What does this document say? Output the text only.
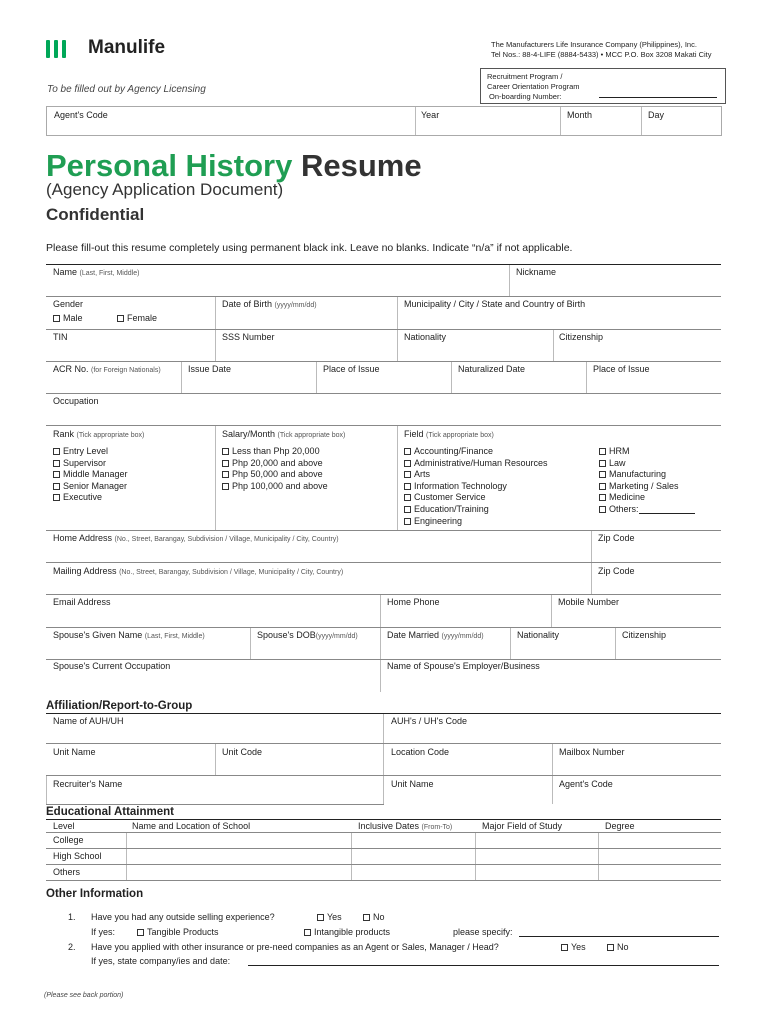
Manulife	The Manufacturers Life Insurance Company (Philippines), Inc.
Tel Nos.: 88-4-LIFE (8884-5433) • MCC P.O. Box 3208 Makati City
To be filled out by Agency Licensing
Recruitment Program /
Career Orientation Program
On-boarding Number:
Agent's Code	Year	Month	Day
Personal History Resume
(Agency Application Document)
Confidential
Please fill-out this resume completely using permanent black ink. Leave no blanks. Indicate “n/a” if not applicable.
Name (Last, First, Middle)	Nickname
Gender
Male	Female
Date of Birth (yyyy/mm/dd)	Municipality / City / State and Country of Birth
TIN	SSS Number	Nationality	Citizenship
ACR No. (for Foreign Nationals)	Issue Date	Place of Issue	Naturalized Date	Place of Issue
Occupation
Rank (Tick appropriate box)
Entry Level
Supervisor
Middle Manager
Senior Manager
Executive
Salary/Month (Tick appropriate box)
Less than Php 20,000
Php 20,000 and above
Php 50,000 and above
Php 100,000 and above
Field (Tick appropriate box)
Accounting/Finance
Administrative/Human Resources
Arts
Information Technology
Customer Service
Education/Training
Engineering
HRM
Law
Manufacturing
Marketing / Sales
Medicine
Others:
Home Address (No., Street, Barangay, Subdivision / Village, Municipality / City, Country)	Zip Code
Mailing Address (No., Street, Barangay, Subdivision / Village, Municipality / City, Country)	Zip Code
Email Address	Home Phone	Mobile Number
Spouse's Given Name (Last, First, Middle)	Spouse's DOB(yyyy/mm/dd)	Date Married (yyyy/mm/dd)	Nationality	Citizenship
Spouse's Current Occupation	Name of Spouse's Employer/Business
Affiliation/Report-to-Group
Name of AUH/UH	AUH's / UH's Code
Unit Name	Unit Code	Location Code	Mailbox Number
Recruiter's Name	Unit Name	Agent's Code
Educational Attainment
Level	Name and Location of School	Inclusive Dates (From-To)	Major Field of Study	Degree
College
High School
Others
Other Information
1. Have you had any outside selling experience?	Yes	No
If yes:	Tangible Products	Intangible products	please specify:
2. Have you applied with other insurance or pre-need companies as an Agent or Sales, Manager / Head?	Yes	No
If yes, state company/ies and date:
(Please see back portion)
